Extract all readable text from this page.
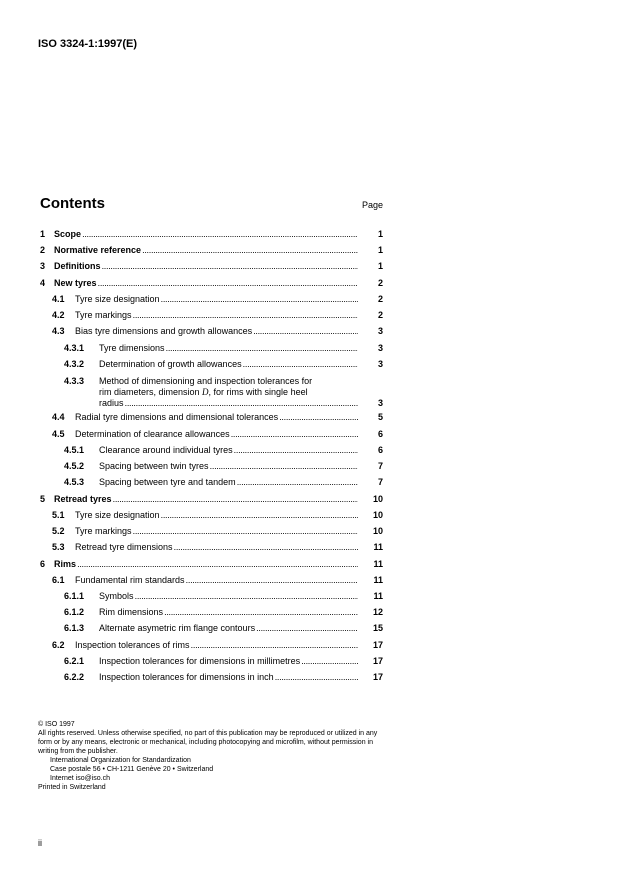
ISO 3324-1:1997(E)
Contents	Page
1 Scope . . .	1
2 Normative reference . . .	1
3 Definitions . . .	1
4 New tyres . . .	2
4.1 Tyre size designation . . .	2
4.2 Tyre markings . . .	2
4.3 Bias tyre dimensions and growth allowances . . .	3
4.3.1 Tyre dimensions . . .	3
4.3.2 Determination of growth allowances . . .	3
4.3.3 Method of dimensioning and inspection tolerances for
rim diameters, dimension D, for rims with single heel
radius . . .	3
4.4 Radial tyre dimensions and dimensional tolerances . . .	5
4.5 Determination of clearance allowances . . .	6
4.5.1 Clearance around individual tyres . . .	6
4.5.2 Spacing between twin tyres . . .	7
4.5.3 Spacing between tyre and tandem . . .	7
5 Retread tyres . . .	10
5.1 Tyre size designation . . .	10
5.2 Tyre markings . . .	10
5.3 Retread tyre dimensions . . .	11
6 Rims . . .	11
6.1 Fundamental rim standards . . .	11
6.1.1 Symbols . . .	11
6.1.2 Rim dimensions . . .	12
6.1.3 Alternate asymetric rim flange contours . . .	15
6.2 Inspection tolerances of rims . . .	17
6.2.1 Inspection tolerances for dimensions in millimetres . . .	17
6.2.2 Inspection tolerances for dimensions in inch . . .	17

© ISO 1997

All rights reserved. Unless otherwise specified, no part of this publication may be reproduced or utilized in any form or by any means, electronic or mechanical, including photocopying and microfilm, without permission in writing from the publisher.

International Organization for Standardization

Case postale 56 • CH-1211 Genève 20 • Switzerland

Internet iso@iso.ch

Printed in Switzerland

ii
